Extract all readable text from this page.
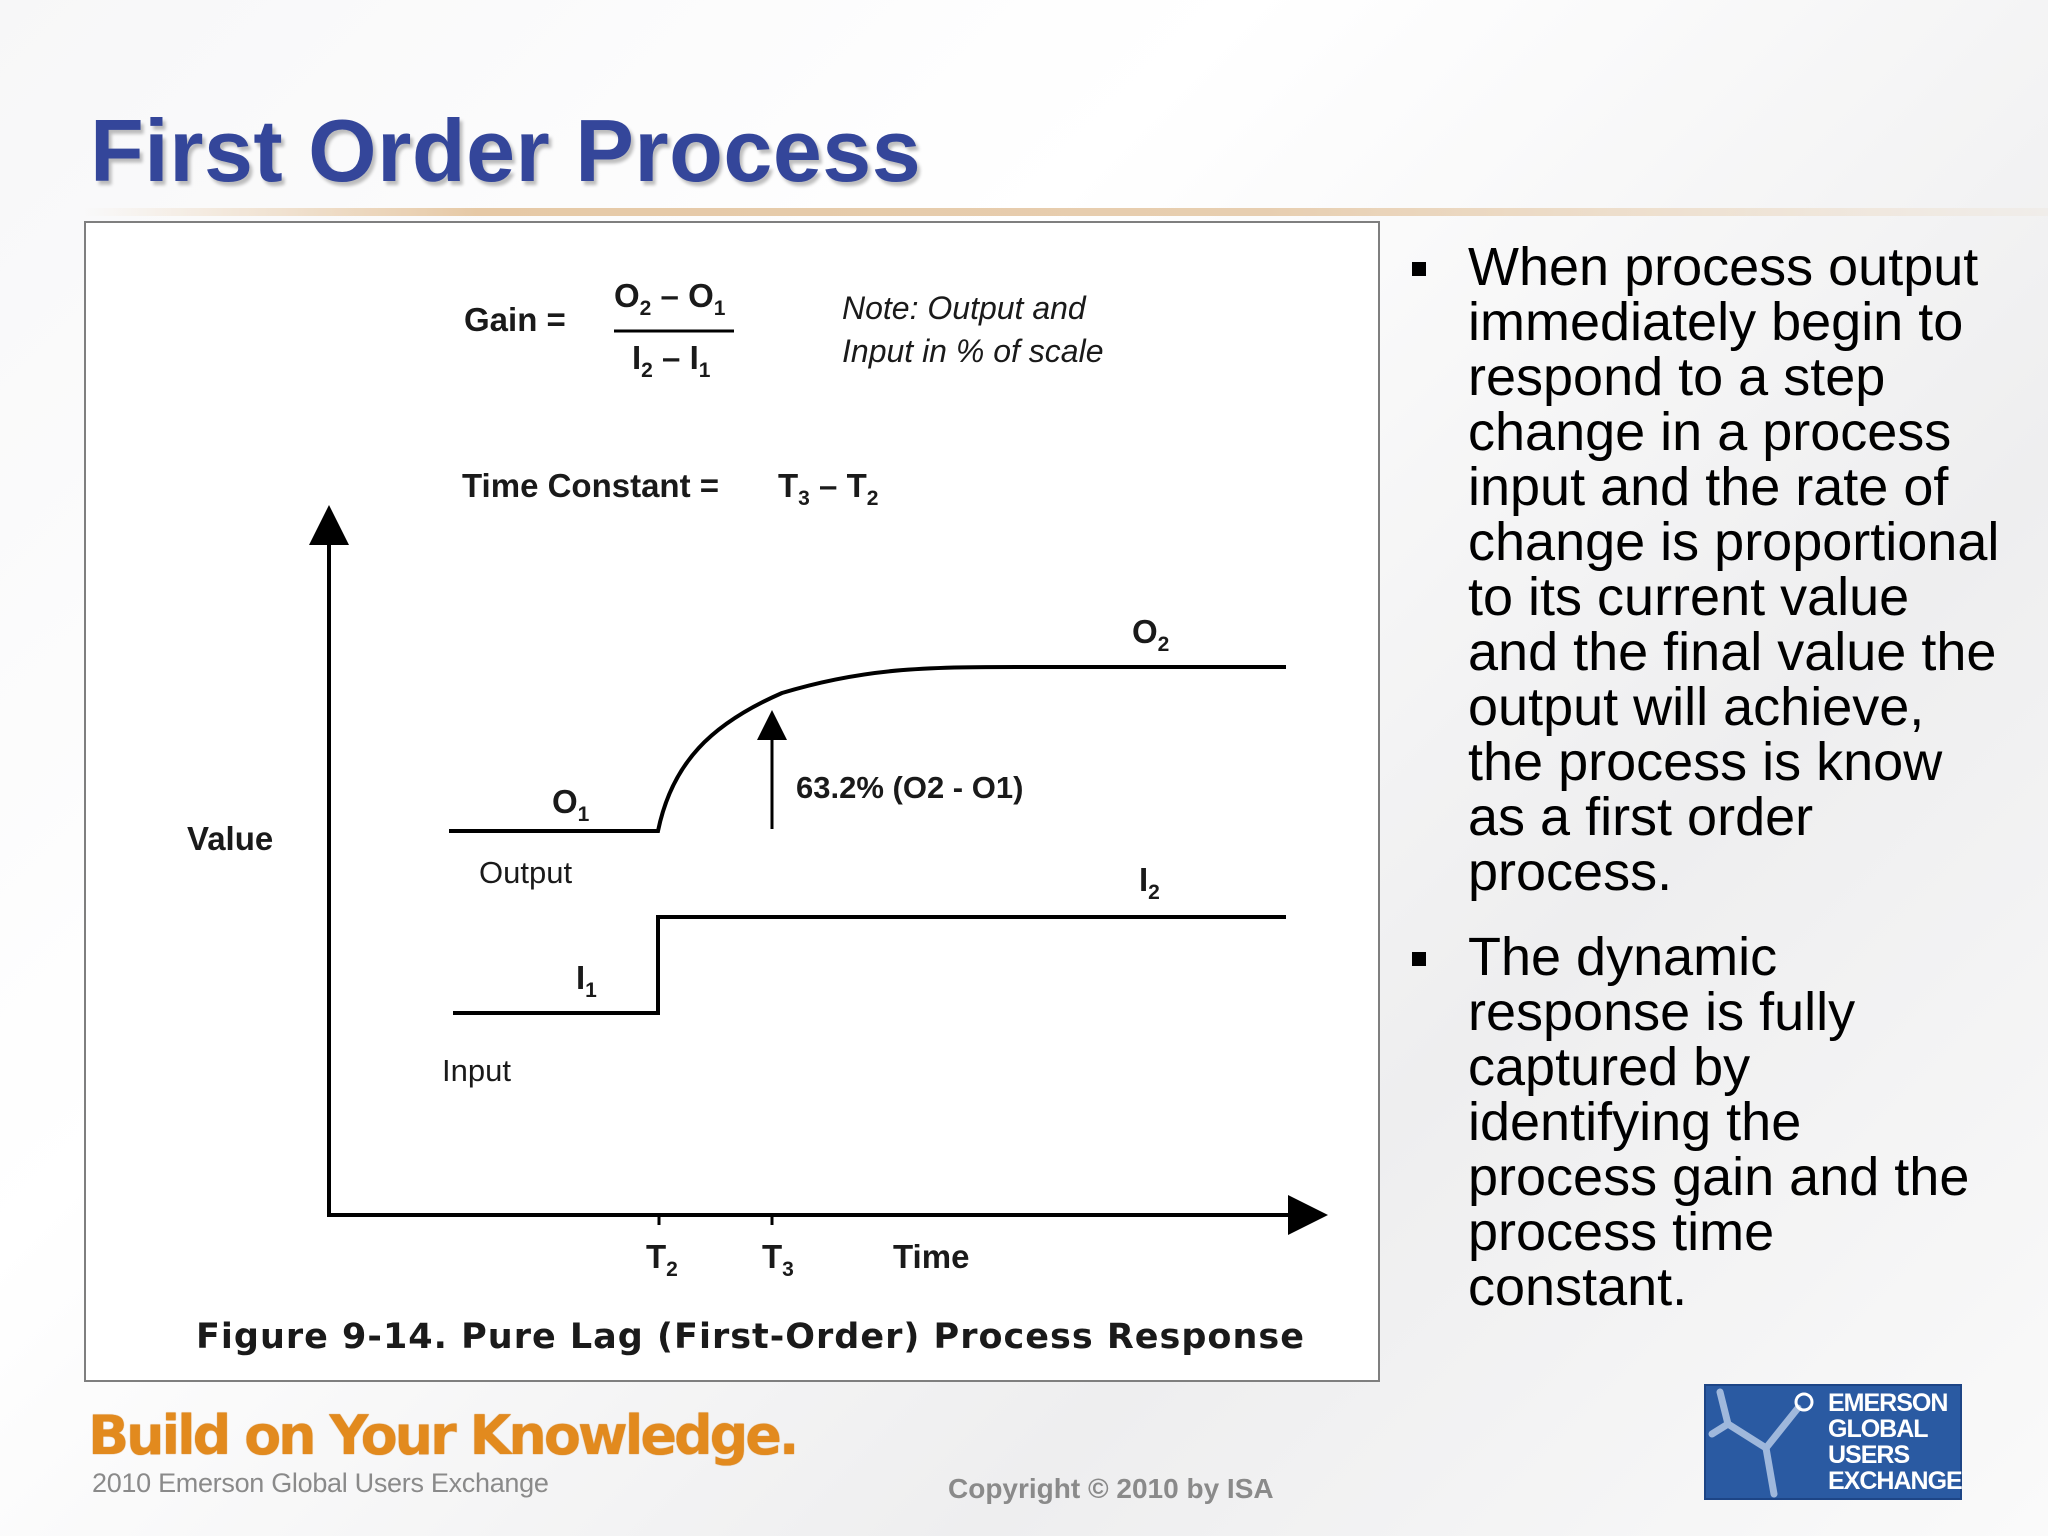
First Order Process
Gain =
$O_2 - O_1$
$I_2 - I_1$
Note: Output and
Input in % of scale
Time Constant = $T_3 - T_2$
Value
Time
$T_2$	$T_3$
63.2% (O2 - O1)
$O_2$
$O_1$
Output	$I_2$
$I_1$
Input
Figure 9-14. Pure Lag (First-Order) Process Response
When process output immediately begin to respond to a step change in a process input and the rate of change is proportional to its current value and the final value the output will achieve, the process is know as a first order process.
The dynamic response is fully captured by identifying the process gain and the process time constant.
Build on Your Knowledge.
2010 Emerson Global Users Exchange	Copyright © 2010 by ISA
EMERSON
GLOBAL
USERS
EXCHANGE
